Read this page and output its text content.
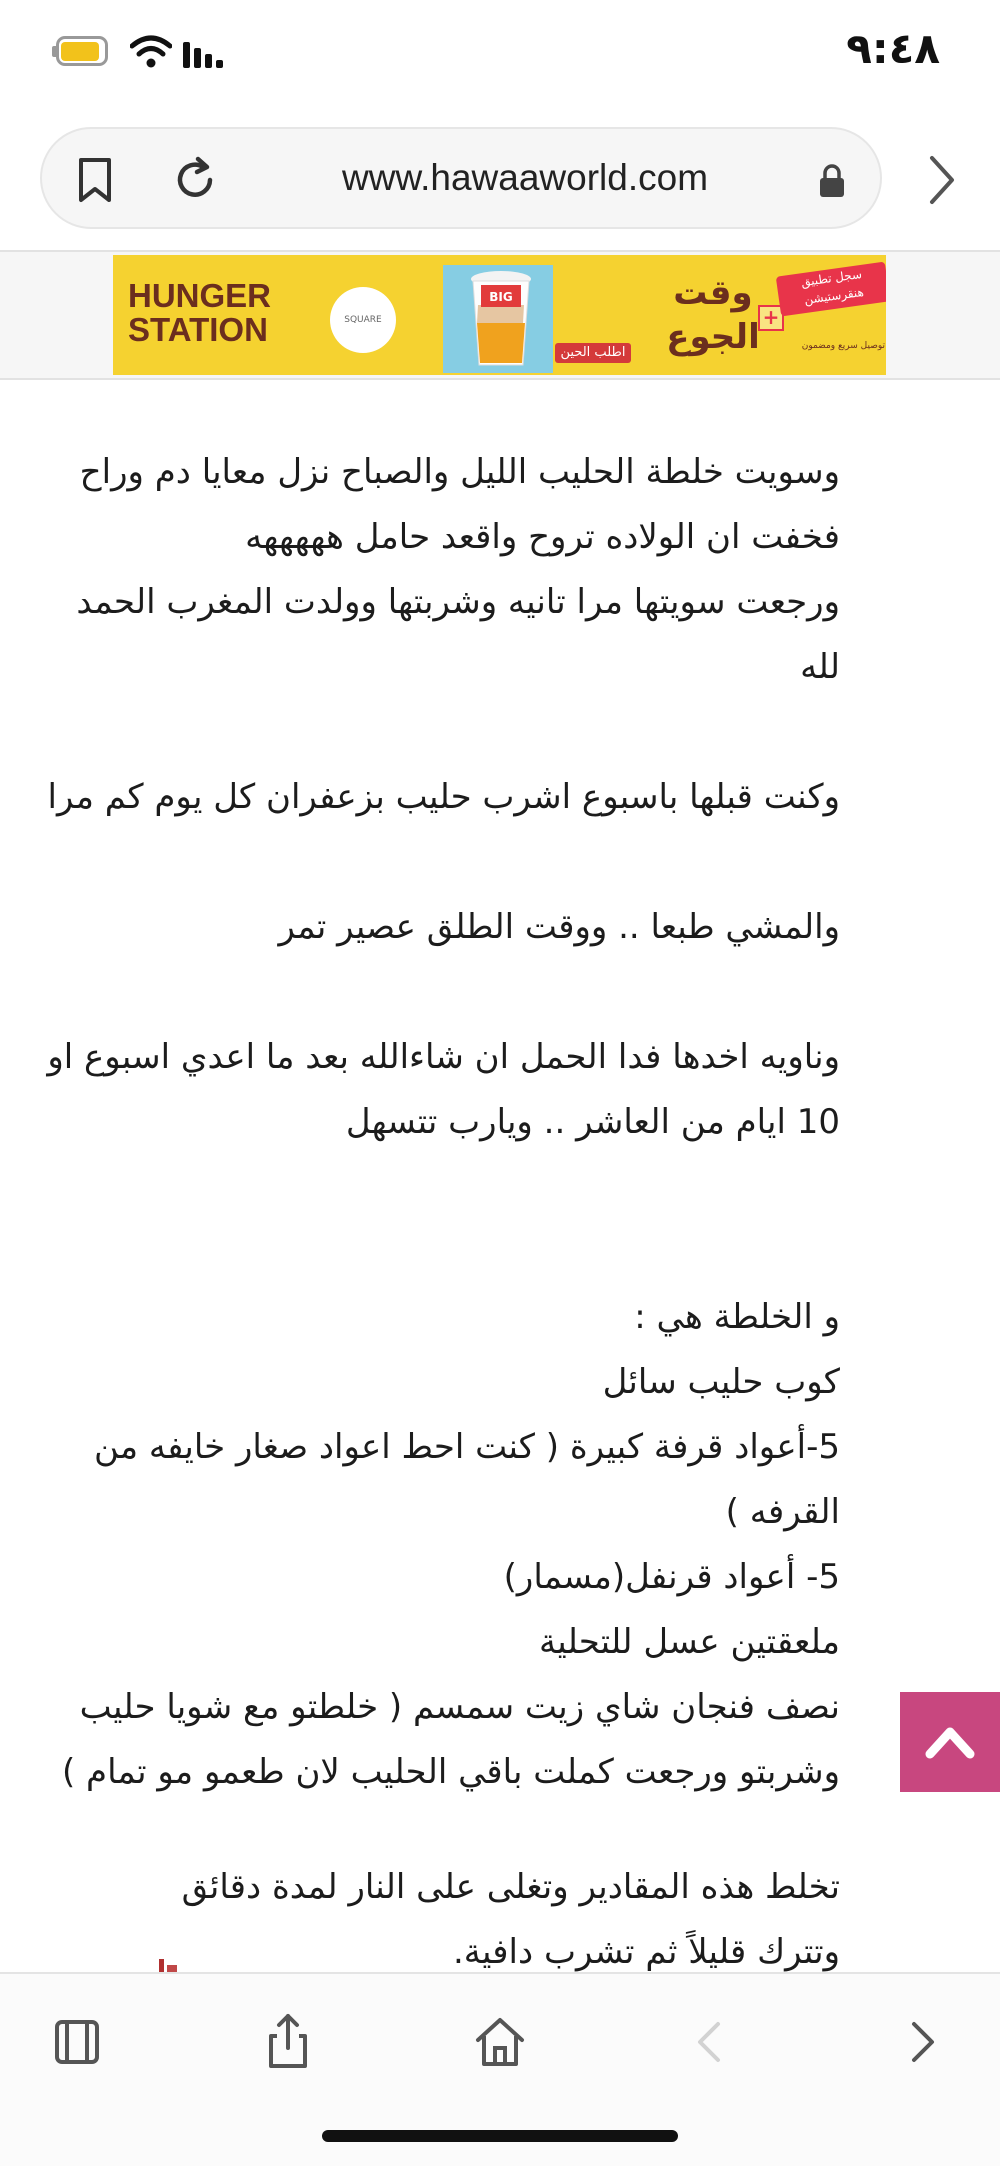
٩:٤٨
www.hawaaworld.com
HUNGER
STATION	SQUARE
BIG
اطلب الحين
وقت
الجوع +
سجل تطبيق هنقرستيشن
توصيل سريع ومضمون

وسويت خلطة الحليب الليل والصباح نزل معايا دم وراح
فخفت ان الولاده تروح واقعد حامل هههههه
ورجعت سويتها مرا تانيه وشربتها وولدت المغرب الحمد لله

وكنت قبلها باسبوع اشرب حليب بزعفران كل يوم كم مرا

والمشي طبعا .. ووقت الطلق عصير تمر

وناويه اخدها فدا الحمل ان شاءالله بعد ما اعدي اسبوع او
10 ايام من العاشر .. ويارب تتسهل

و الخلطة هي :
كوب حليب سائل
5-أعواد قرفة كبيرة ( كنت احط اعواد صغار خايفه من
القرفه )
5- أعواد قرنفل(مسمار)
ملعقتين عسل للتحلية
نصف فنجان شاي زيت سمسم ( خلطتو مع شويا حليب
وشربتو ورجعت كملت باقي الحليب لان طعمو مو تمام )

تخلط هذه المقادير وتغلى على النار لمدة دقائق
وتترك قليلاً ثم تشرب دافية.
